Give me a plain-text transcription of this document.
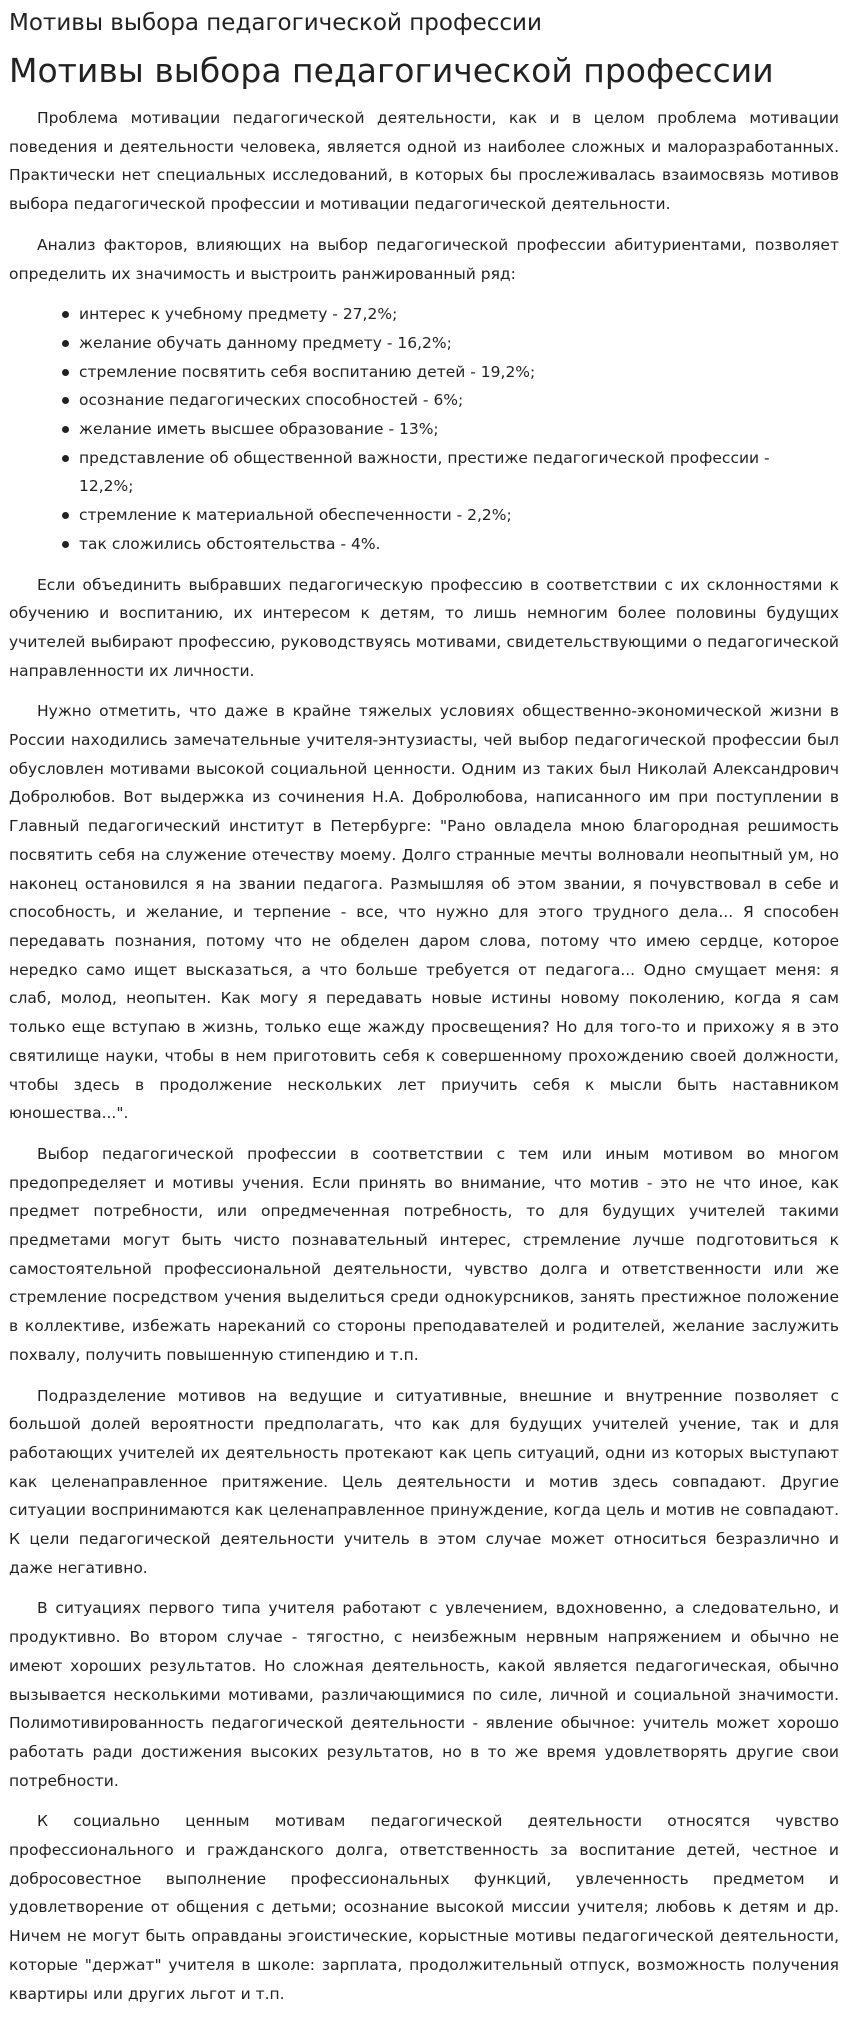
Мотивы выбора педагогической профессии
Мотивы выбора педагогической профессии

Проблема мотивации педагогической деятельности, как и в целом проблема мотивации поведения и деятельности человека, является одной из наиболее сложных и малоразработанных. Практически нет специальных исследований, в которых бы прослеживалась взаимосвязь мотивов выбора педагогической профессии и мотивации педагогической деятельности.

Анализ факторов, влияющих на выбор педагогической профессии абитуриентами, позволяет определить их значимость и выстроить ранжированный ряд:

интерес к учебному предмету - 27,2%;
желание обучать данному предмету - 16,2%;
стремление посвятить себя воспитанию детей - 19,2%;
осознание педагогических способностей - 6%;
желание иметь высшее образование - 13%;
представление об общественной важности, престиже педагогической профессии - 12,2%;
стремление к материальной обеспеченности - 2,2%;
так сложились обстоятельства - 4%.

Если объединить выбравших педагогическую профессию в соответствии с их склонностями к обучению и воспитанию, их интересом к детям, то лишь немногим более половины будущих учителей выбирают профессию, руководствуясь мотивами, свидетельствующими о педагогической направленности их личности.

Нужно отметить, что даже в крайне тяжелых условиях общественно-экономической жизни в России находились замечательные учителя-энтузиасты, чей выбор педагогической профессии был обусловлен мотивами высокой социальной ценности. Одним из таких был Николай Александрович Добролюбов. Вот выдержка из сочинения Н.А. Добролюбова, написанного им при поступлении в Главный педагогический институт в Петербурге: "Рано овладела мною благородная решимость посвятить себя на служение отечеству моему. Долго странные мечты волновали неопытный ум, но наконец остановился я на звании педагога. Размышляя об этом звании, я почувствовал в себе и способность, и желание, и терпение - все, что нужно для этого трудного дела... Я способен передавать познания, потому что не обделен даром слова, потому что имею сердце, которое нередко само ищет высказаться, а что больше требуется от педагога... Одно смущает меня: я слаб, молод, неопытен. Как могу я передавать новые истины новому поколению, когда я сам только еще вступаю в жизнь, только еще жажду просвещения? Но для того-то и прихожу я в это святилище науки, чтобы в нем приготовить себя к совершенному прохождению своей должности, чтобы здесь в продолжение нескольких лет приучить себя к мысли быть наставником юношества...".

Выбор педагогической профессии в соответствии с тем или иным мотивом во многом предопределяет и мотивы учения. Если принять во внимание, что мотив - это не что иное, как предмет потребности, или опредмеченная потребность, то для будущих учителей такими предметами могут быть чисто познавательный интерес, стремление лучше подготовиться к самостоятельной профессиональной деятельности, чувство долга и ответственности или же стремление посредством учения выделиться среди однокурсников, занять престижное положение в коллективе, избежать нареканий со стороны преподавателей и родителей, желание заслужить похвалу, получить повышенную стипендию и т.п.

Подразделение мотивов на ведущие и ситуативные, внешние и внутренние позволяет с большой долей вероятности предполагать, что как для будущих учителей учение, так и для работающих учителей их деятельность протекают как цепь ситуаций, одни из которых выступают как целенаправленное притяжение. Цель деятельности и мотив здесь совпадают. Другие ситуации воспринимаются как целенаправленное принуждение, когда цель и мотив не совпадают. К цели педагогической деятельности учитель в этом случае может относиться безразлично и даже негативно.

В ситуациях первого типа учителя работают с увлечением, вдохновенно, а следовательно, и продуктивно. Во втором случае - тягостно, с неизбежным нервным напряжением и обычно не имеют хороших результатов. Но сложная деятельность, какой является педагогическая, обычно вызывается несколькими мотивами, различающимися по силе, личной и социальной значимости. Полимотивированность педагогической деятельности - явление обычное: учитель может хорошо работать ради достижения высоких результатов, но в то же время удовлетворять другие свои потребности.

К социально ценным мотивам педагогической деятельности относятся чувство профессионального и гражданского долга, ответственность за воспитание детей, честное и добросовестное выполнение профессиональных функций, увлеченность предметом и удовлетворение от общения с детьми; осознание высокой миссии учителя; любовь к детям и др. Ничем не могут быть оправданы эгоистические, корыстные мотивы педагогической деятельности, которые "держат" учителя в школе: зарплата, продолжительный отпуск, возможность получения квартиры или других льгот и т.п.
